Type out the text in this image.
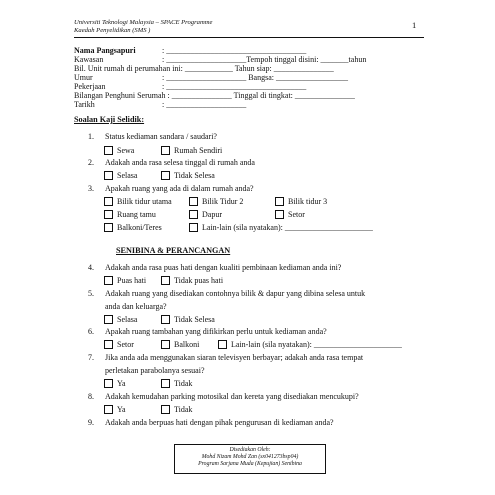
Universiti Teknologi Malaysia – SPACE Programme
Kaedah Penyelidikan (SMS )
1
Nama Pangsapuri	: ___________________________________
Kawasan	: ____________________Tempoh tinggal disini: _______tahun
Bil. Unit rumah di perumahan ini: ____________ Tahun siap: _______________
Umur	: ____________________ Bangsa: __________________
Pekerjaan	: ___________________________________
Bilangan Penghuni Serumah : _______________ Tinggal di tingkat: _______________
Tarikh	: ____________________
Soalan Kaji Selidik:
1. Status kediaman sandara / saudari?
Sewa	Rumah Sendiri
2. Adakah anda rasa selesa tinggal di rumah anda
Selasa	Tidak Selesa
3. Apakah ruang yang ada di dalam rumah anda?
Bilik tidur utama	Bilik Tidur 2	Bilik tidur 3
Ruang tamu	Dapur	Setor
Balkoni/Teres	Lain-lain (sila nyatakan): ______________________
SENIBINA & PERANCANGAN
4. Adakah anda rasa puas hati dengan kualiti pembinaan kediaman anda ini?
Puas hati	Tidak puas hati
5. Adakah ruang yang disediakan contohnya bilik & dapur yang dibina selesa untuk
anda dan keluarga?
Selasa	Tidak Selesa
6. Apakah ruang tambahan yang difikirkan perlu untuk kediaman anda?
Setor	Balkoni	Lain-lain (sila nyatakan): ______________________
7. Jika anda ada menggunakan siaran televisyen berbayar; adakah anda rasa tempat
perletakan parabolanya sesuai?
Ya	Tidak
8. Adakah kemudahan parking motosikal dan kereta yang disediakan mencukupi?
Ya	Tidak
9. Adakah anda berpuas hati dengan pihak pengurusan di kediaman anda?
Disediakan Oleh:
Mohd Nizam Mohd Zan (sx041273bsp04)
Program Sarjana Muda (Kepujian) Senibina
